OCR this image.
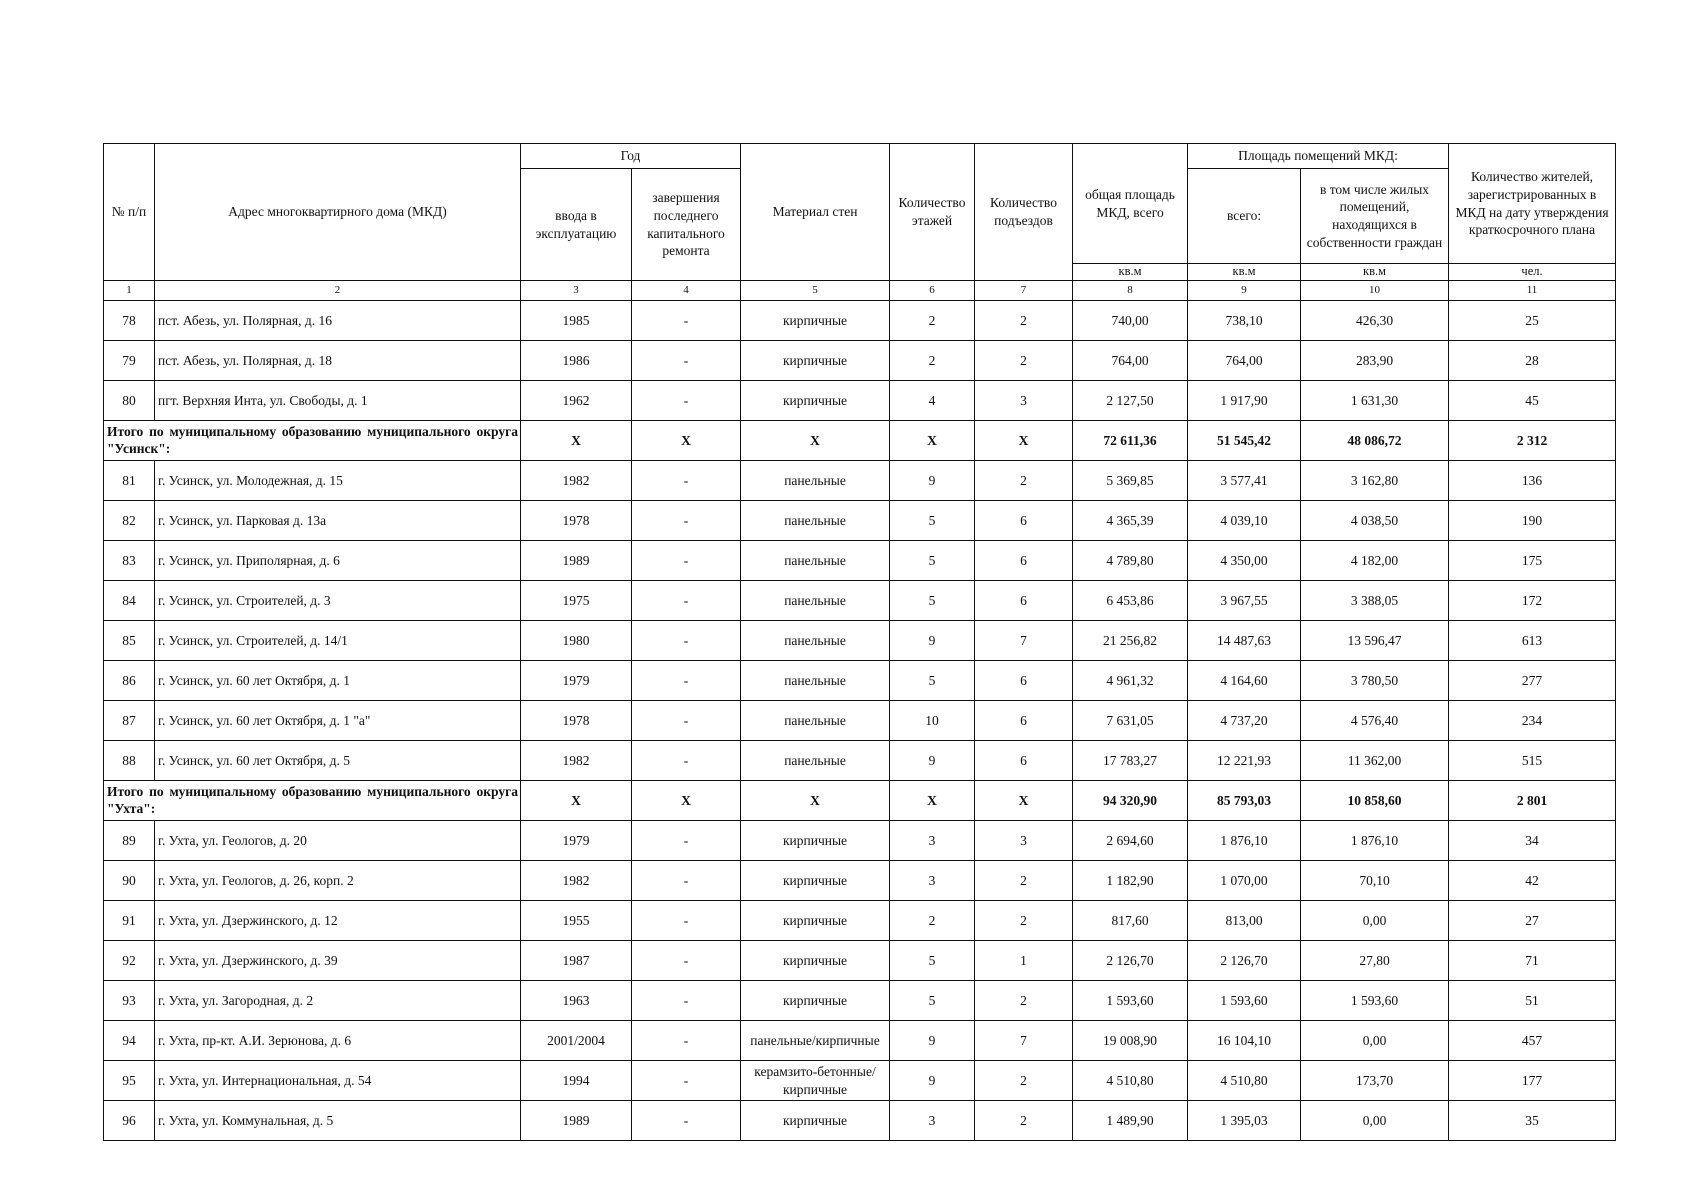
№ п/п	Адрес многоквартирного дома (МКД)	Год		Материал стен	Количество этажей	Количество подъездов	общая площадь МКД, всего	Площадь помещений МКД:		Количество жителей, зарегистрированных в МКД на дату утверждения краткосрочного плана
		ввода в эксплуатацию	завершения последнего капитального ремонта					всего:	в том числе жилых помещений, находящихся в собственности граждан	
							кв.м	кв.м	кв.м	чел.
1	2	3	4	5	6	7	8	9	10	11
78	пст. Абезь, ул. Полярная, д. 16	1985	-	кирпичные	2	2	740,00	738,10	426,30	25
79	пст. Абезь, ул. Полярная, д. 18	1986	-	кирпичные	2	2	764,00	764,00	283,90	28
80	пгт. Верхняя Инта, ул. Свободы, д. 1	1962	-	кирпичные	4	3	2 127,50	1 917,90	1 631,30	45
Итого по муниципальному образованию муниципального округа "Усинск":		X	X	X	X	X	72 611,36	51 545,42	48 086,72	2 312
81	г. Усинск, ул. Молодежная, д. 15	1982	-	панельные	9	2	5 369,85	3 577,41	3 162,80	136
82	г. Усинск, ул. Парковая д. 13а	1978	-	панельные	5	6	4 365,39	4 039,10	4 038,50	190
83	г. Усинск, ул. Приполярная, д. 6	1989	-	панельные	5	6	4 789,80	4 350,00	4 182,00	175
84	г. Усинск, ул. Строителей, д. 3	1975	-	панельные	5	6	6 453,86	3 967,55	3 388,05	172
85	г. Усинск, ул. Строителей, д. 14/1	1980	-	панельные	9	7	21 256,82	14 487,63	13 596,47	613
86	г. Усинск, ул. 60 лет Октября, д. 1	1979	-	панельные	5	6	4 961,32	4 164,60	3 780,50	277
87	г. Усинск, ул. 60 лет Октября, д. 1 "а"	1978	-	панельные	10	6	7 631,05	4 737,20	4 576,40	234
88	г. Усинск, ул. 60 лет Октября, д. 5	1982	-	панельные	9	6	17 783,27	12 221,93	11 362,00	515
Итого по муниципальному образованию муниципального округа "Ухта":		X	X	X	X	X	94 320,90	85 793,03	10 858,60	2 801
89	г. Ухта, ул. Геологов, д. 20	1979	-	кирпичные	3	3	2 694,60	1 876,10	1 876,10	34
90	г. Ухта, ул. Геологов, д. 26, корп. 2	1982	-	кирпичные	3	2	1 182,90	1 070,00	70,10	42
91	г. Ухта, ул. Дзержинского, д. 12	1955	-	кирпичные	2	2	817,60	813,00	0,00	27
92	г. Ухта, ул. Дзержинского, д. 39	1987	-	кирпичные	5	1	2 126,70	2 126,70	27,80	71
93	г. Ухта, ул. Загородная, д. 2	1963	-	кирпичные	5	2	1 593,60	1 593,60	1 593,60	51
94	г. Ухта, пр-кт. А.И. Зерюнова, д. 6	2001/2004	-	панельные/кирпичные	9	7	19 008,90	16 104,10	0,00	457
95	г. Ухта, ул. Интернациональная, д. 54	1994	-	керамзито-бетонные/кирпичные	9	2	4 510,80	4 510,80	173,70	177
96	г. Ухта, ул. Коммунальная, д. 5	1989	-	кирпичные	3	2	1 489,90	1 395,03	0,00	35
